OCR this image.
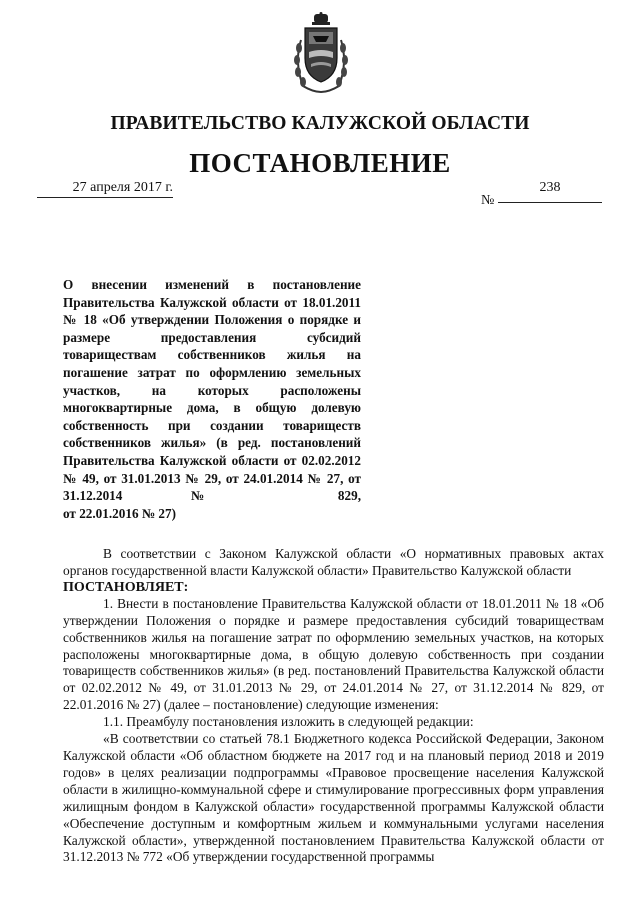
ПРАВИТЕЛЬСТВО КАЛУЖСКОЙ ОБЛАСТИ
ПОСТАНОВЛЕНИЕ
27 апреля 2017 г.
№
238
О внесении изменений в постановление Правительства Калужской области от 18.01.2011 № 18 «Об утверждении Положения о порядке и размере предоставления субсидий товариществам собственников жилья на погашение затрат по оформлению земельных участков, на которых расположены многоквартирные дома, в общую долевую собственность при создании товариществ собственников жилья» (в ред. постановлений Правительства Калужской области от 02.02.2012 № 49, от 31.01.2013 № 29, от 24.01.2014 № 27, от 31.12.2014 № 829,
от 22.01.2016 № 27)

В соответствии с Законом Калужской области «О нормативных правовых актах органов государственной власти Калужской области» Правительство Калужской области

ПОСТАНОВЛЯЕТ:

1. Внести в постановление Правительства Калужской области от 18.01.2011 № 18 «Об утверждении Положения о порядке и размере предоставления субсидий товариществам собственников жилья на погашение затрат по оформлению земельных участков, на которых расположены многоквартирные дома, в общую долевую собственность при создании товариществ собственников жилья» (в ред. постановлений Правительства Калужской области от 02.02.2012 № 49, от 31.01.2013 № 29, от 24.01.2014 № 27, от 31.12.2014 № 829, от 22.01.2016 № 27) (далее – постановление) следующие изменения:

1.1. Преамбулу постановления изложить в следующей редакции:

«В соответствии со статьей 78.1 Бюджетного кодекса Российской Федерации, Законом Калужской области «Об областном бюджете на 2017 год и на плановый период 2018 и 2019 годов» в целях реализации подпрограммы «Правовое просвещение населения Калужской области в жилищно-коммунальной сфере и стимулирование прогрессивных форм управления жилищным фондом в Калужской области» государственной программы Калужской области «Обеспечение доступным и комфортным жильем и коммунальными услугами населения Калужской области», утвержденной постановлением Правительства Калужской области от 31.12.2013 № 772 «Об утверждении государственной программы
